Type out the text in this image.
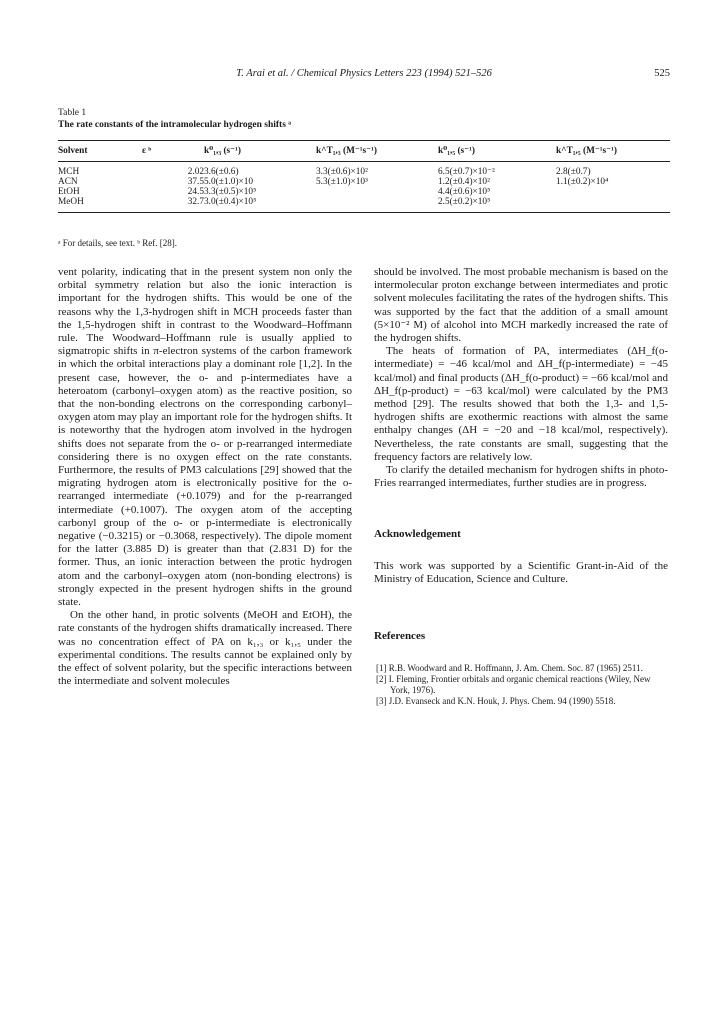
T. Arai et al. / Chemical Physics Letters 223 (1994) 521–526	525
Table 1
The rate constants of the intramolecular hydrogen shifts ᵃ
Solvent	ε ᵇ	k⁰₁,₃ (s⁻¹)	k^T₁,₃ (M⁻¹s⁻¹)	k⁰₁,₅ (s⁻¹)	k^T₁,₅ (M⁻¹s⁻¹)
MCH	2.02	3.6(±0.6)	3.3(±0.6)×10²	6.5(±0.7)×10⁻²	2.8(±0.7)
ACN	37.5	5.0(±1.0)×10	5.3(±1.0)×10³	1.2(±0.4)×10²	1.1(±0.2)×10⁴
EtOH	24.5	3.3(±0.5)×10⁵		4.4(±0.6)×10⁵	
MeOH	32.7	3.0(±0.4)×10⁵		2.5(±0.2)×10⁵	
ᵃ For details, see text. ᵇ Ref. [28].

vent polarity, indicating that in the present system non only the orbital symmetry relation but also the ionic interaction is important for the hydrogen shifts. This would be one of the reasons why the 1,3-hydrogen shift in MCH proceeds faster than the 1,5-hydrogen shift in contrast to the Woodward–Hoffmann rule. The Woodward–Hoffmann rule is usually applied to sigmatropic shifts in π-electron systems of the carbon framework in which the orbital interactions play a dominant role [1,2]. In the present case, however, the o- and p-intermediates have a heteroatom (carbonyl–oxygen atom) as the reactive position, so that the non-bonding electrons on the corresponding carbonyl–oxygen atom may play an important role for the hydrogen shifts. It is noteworthy that the hydrogen atom involved in the hydrogen shifts does not separate from the o- or p-rearranged intermediate considering there is no oxygen effect on the rate constants. Furthermore, the results of PM3 calculations [29] showed that the migrating hydrogen atom is electronically positive for the o-rearranged intermediate (+0.1079) and for the p-rearranged intermediate (+0.1007). The oxygen atom of the accepting carbonyl group of the o- or p-intermediate is electronically negative (−0.3215) or −0.3068, respectively). The dipole moment for the latter (3.885 D) is greater than that (2.831 D) for the former. Thus, an ionic interaction between the protic hydrogen atom and the carbonyl–oxygen atom (non-bonding electrons) is strongly expected in the present hydrogen shifts in the ground state.

On the other hand, in protic solvents (MeOH and EtOH), the rate constants of the hydrogen shifts dramatically increased. There was no concentration effect of PA on k₁,₃ or k₁,₅ under the experimental conditions. The results cannot be explained only by the effect of solvent polarity, but the specific interactions between the intermediate and solvent molecules

should be involved. The most probable mechanism is based on the intermolecular proton exchange between intermediates and protic solvent molecules facilitating the rates of the hydrogen shifts. This was supported by the fact that the addition of a small amount (5×10⁻² M) of alcohol into MCH markedly increased the rate of the hydrogen shifts.

The heats of formation of PA, intermediates (ΔH_f(o-intermediate) = −46 kcal/mol and ΔH_f(p-intermediate) = −45 kcal/mol) and final products (ΔH_f(o-product) = −66 kcal/mol and ΔH_f(p-product) = −63 kcal/mol) were calculated by the PM3 method [29]. The results showed that both the 1,3- and 1,5-hydrogen shifts are exothermic reactions with almost the same enthalpy changes (ΔH = −20 and −18 kcal/mol, respectively). Nevertheless, the rate constants are small, suggesting that the frequency factors are relatively low.

To clarify the detailed mechanism for hydrogen shifts in photo-Fries rearranged intermediates, further studies are in progress.

Acknowledgement

This work was supported by a Scientific Grant-in-Aid of the Ministry of Education, Science and Culture.

References

[1] R.B. Woodward and R. Hoffmann, J. Am. Chem. Soc. 87 (1965) 2511.
[2] I. Fleming, Frontier orbitals and organic chemical reactions (Wiley, New York, 1976).
[3] J.D. Evanseck and K.N. Houk, J. Phys. Chem. 94 (1990) 5518.
